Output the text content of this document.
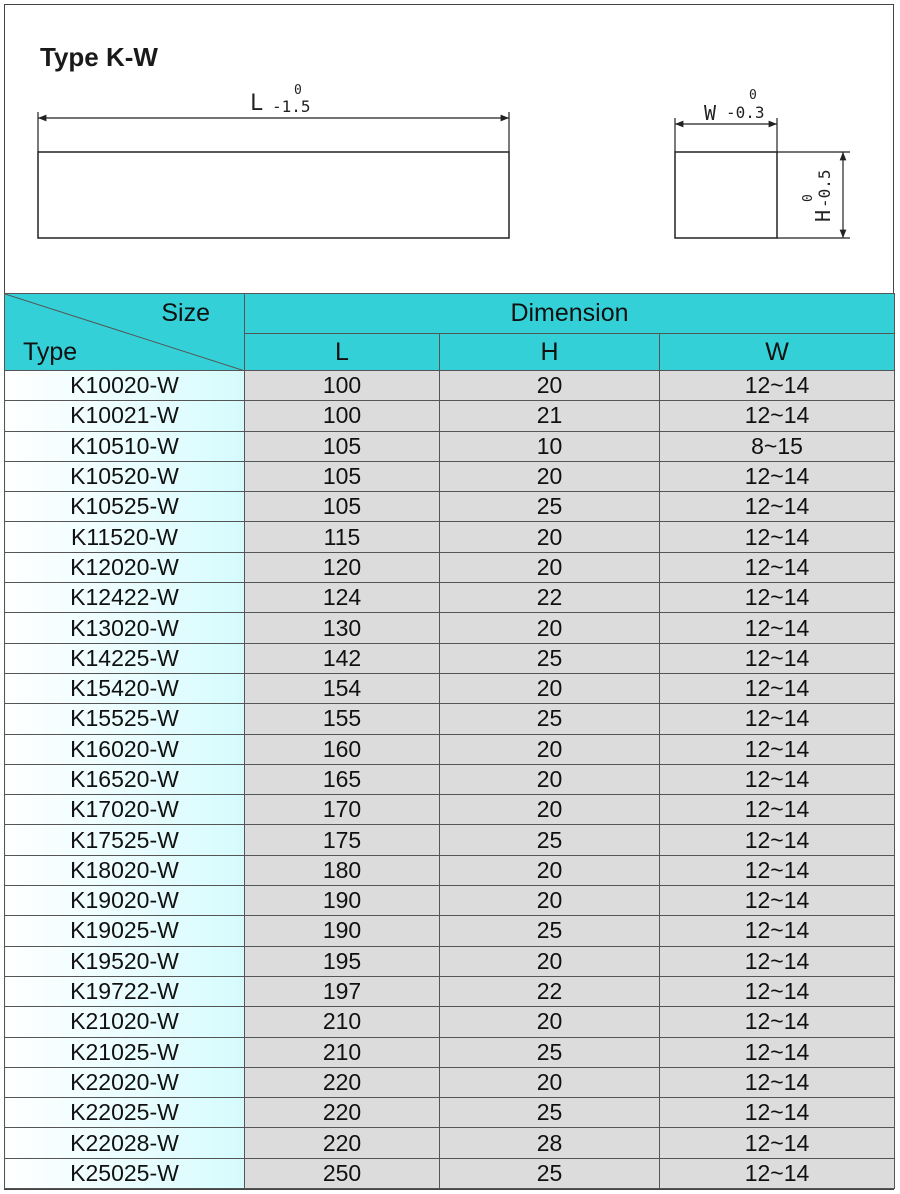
Type K-W
L
0
-1.5	W
0
-0.3
H
0 -0.5
Size
Type	Dimension		
	L	H	W
K10020-W	100	20	12~14
K10021-W	100	21	12~14
K10510-W	105	10	8~15
K10520-W	105	20	12~14
K10525-W	105	25	12~14
K11520-W	115	20	12~14
K12020-W	120	20	12~14
K12422-W	124	22	12~14
K13020-W	130	20	12~14
K14225-W	142	25	12~14
K15420-W	154	20	12~14
K15525-W	155	25	12~14
K16020-W	160	20	12~14
K16520-W	165	20	12~14
K17020-W	170	20	12~14
K17525-W	175	25	12~14
K18020-W	180	20	12~14
K19020-W	190	20	12~14
K19025-W	190	25	12~14
K19520-W	195	20	12~14
K19722-W	197	22	12~14
K21020-W	210	20	12~14
K21025-W	210	25	12~14
K22020-W	220	20	12~14
K22025-W	220	25	12~14
K22028-W	220	28	12~14
K25025-W	250	25	12~14
